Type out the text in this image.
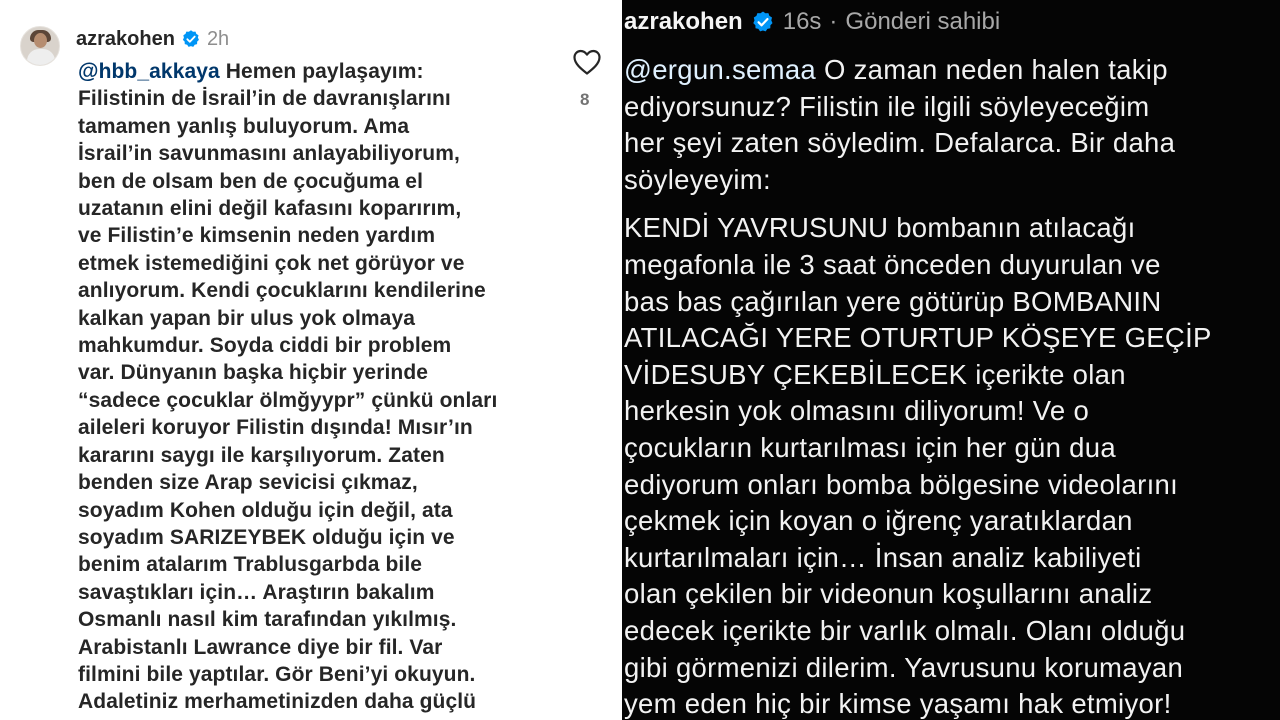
azrakohen 2h
@hbb_akkaya Hemen paylaşayım:
Filistinin de İsrail’in de davranışlarını
tamamen yanlış buluyorum. Ama
İsrail’in savunmasını anlayabiliyorum,
ben de olsam ben de çocuğuma el
uzatanın elini değil kafasını koparırım,
ve Filistin’e kimsenin neden yardım
etmek istemediğini çok net görüyor ve
anlıyorum. Kendi çocuklarını kendilerine
kalkan yapan bir ulus yok olmaya
mahkumdur. Soyda ciddi bir problem
var. Dünyanın başka hiçbir yerinde
“sadece çocuklar ölmğyypr” çünkü onları
aileleri koruyor Filistin dışında! Mısır’ın
kararını saygı ile karşılıyorum. Zaten
benden size Arap sevicisi çıkmaz,
soyadım Kohen olduğu için değil, ata
soyadım SARIZEYBEK olduğu için ve
benim atalarım Trablusgarbda bile
savaştıkları için… Araştırın bakalım
Osmanlı nasıl kim tarafından yıkılmış.
Arabistanlı Lawrance diye bir fil. Var
filmini bile yaptılar. Gör Beni’yi okuyun.
Adaletiniz merhametinizden daha güçlü
8
azrakohen 16s · Gönderi sahibi
@ergun.semaa O zaman neden halen takip
ediyorsunuz? Filistin ile ilgili söyleyeceğim
her şeyi zaten söyledim. Defalarca. Bir daha
söyleyeyim:
KENDİ YAVRUSUNU bombanın atılacağı
megafonla ile 3 saat önceden duyurulan ve
bas bas çağırılan yere götürüp BOMBANIN
ATILACAĞI YERE OTURTUP KÖŞEYE GEÇİP
VİDESUBY ÇEKEBİLECEK içerikte olan
herkesin yok olmasını diliyorum! Ve o
çocukların kurtarılması için her gün dua
ediyorum onları bomba bölgesine videolarını
çekmek için koyan o iğrenç yaratıklardan
kurtarılmaları için… İnsan analiz kabiliyeti
olan çekilen bir videonun koşullarını analiz
edecek içerikte bir varlık olmalı. Olanı olduğu
gibi görmenizi dilerim. Yavrusunu korumayan
yem eden hiç bir kimse yaşamı hak etmiyor!
